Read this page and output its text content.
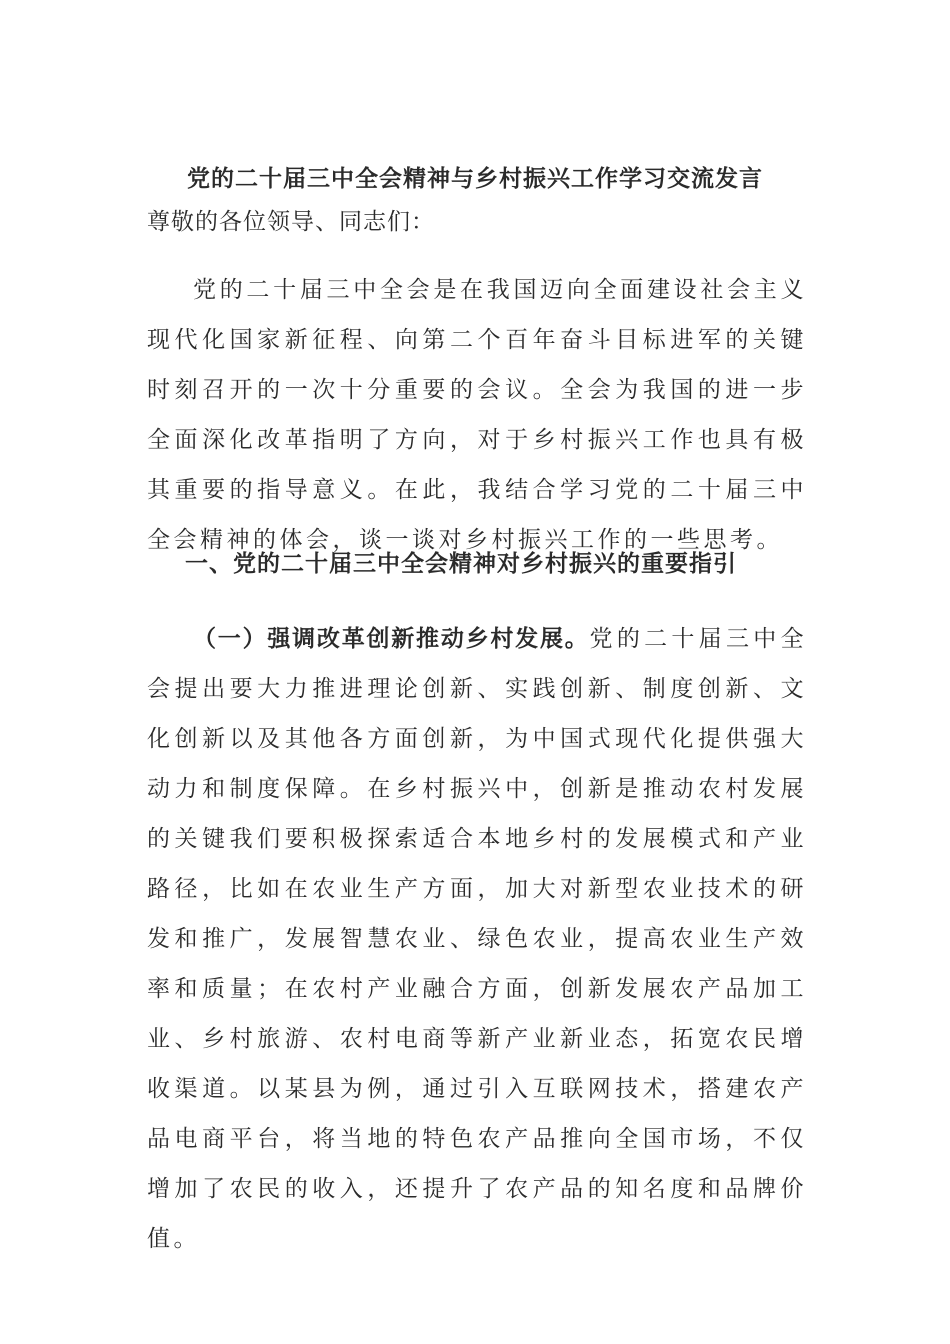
党的二十届三中全会精神与乡村振兴工作学习交流发言
尊敬的各位领导、同志们：
党的二十届三中全会是在我国迈向全面建设社会主义现代化国家新征程、向第二个百年奋斗目标进军的关键时刻召开的一次十分重要的会议。全会为我国的进一步全面深化改革指明了方向，对于乡村振兴工作也具有极其重要的指导意义。在此，我结合学习党的二十届三中全会精神的体会，谈一谈对乡村振兴工作的一些思考。
一、党的二十届三中全会精神对乡村振兴的重要指引
（一）强调改革创新推动乡村发展。党的二十届三中全会提出要大力推进理论创新、实践创新、制度创新、文化创新以及其他各方面创新，为中国式现代化提供强大动力和制度保障。在乡村振兴中，创新是推动农村发展的关键我们要积极探索适合本地乡村的发展模式和产业路径，比如在农业生产方面，加大对新型农业技术的研发和推广，发展智慧农业、绿色农业，提高农业生产效率和质量；在农村产业融合方面，创新发展农产品加工业、乡村旅游、农村电商等新产业新业态，拓宽农民增收渠道。以某县为例，通过引入互联网技术，搭建农产品电商平台，将当地的特色农产品推向全国市场，不仅增加了农民的收入，还提升了农产品的知名度和品牌价值。
